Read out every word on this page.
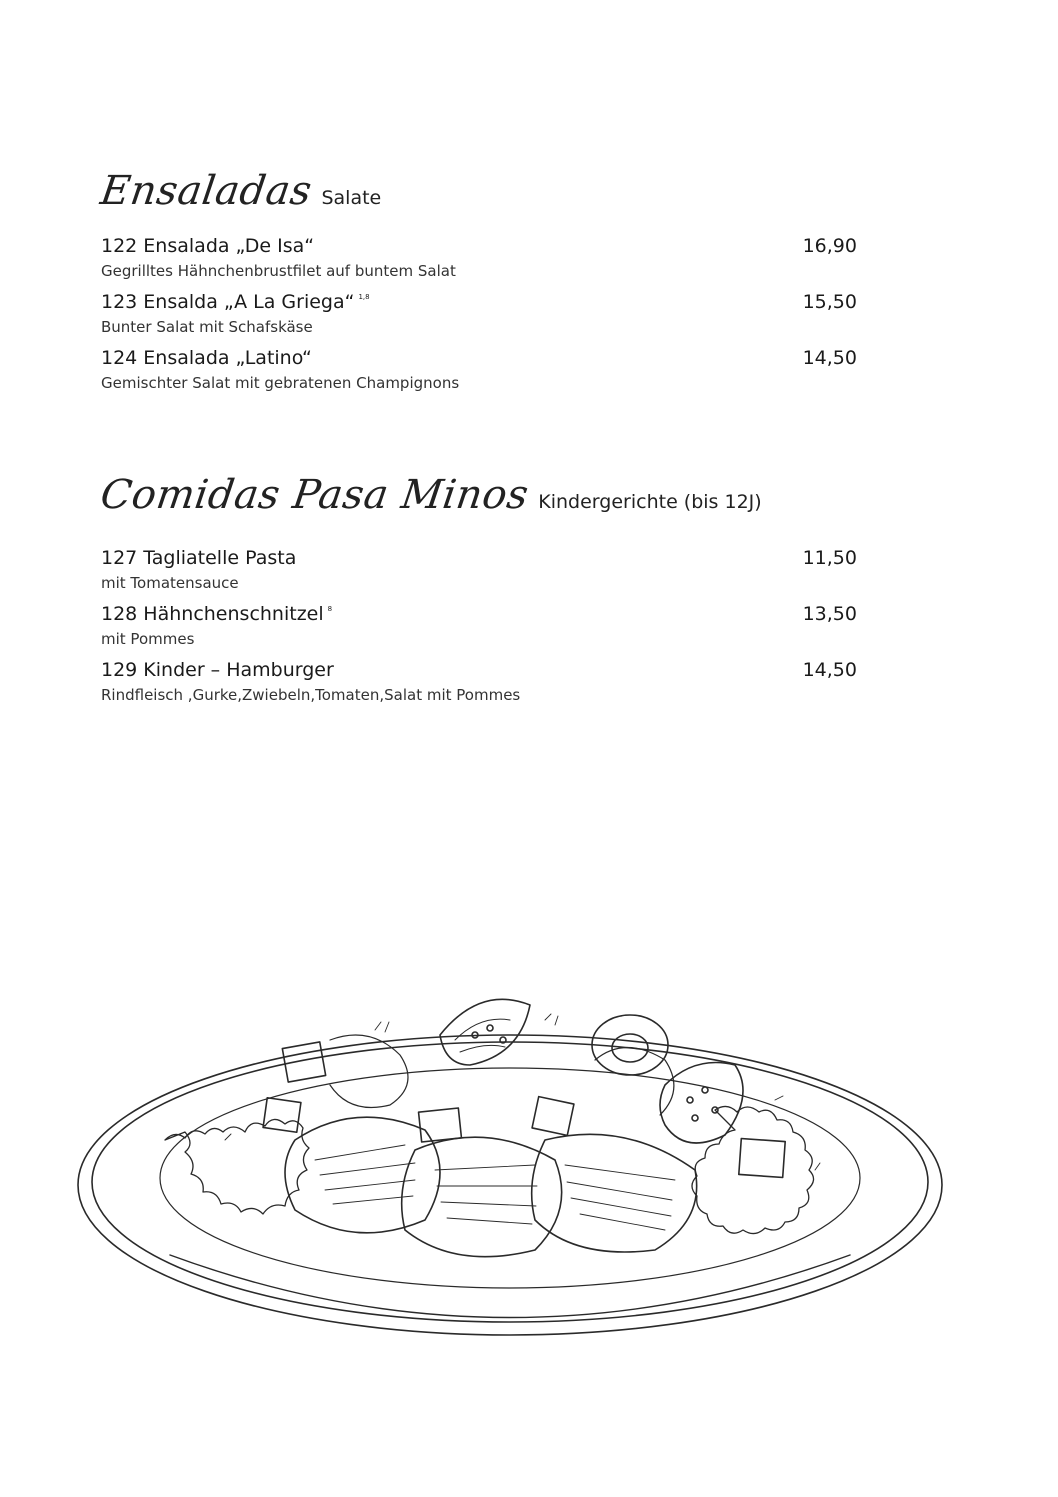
Ensaladas Salate
122 Ensalada „De Isa“	16,90
Gegrilltes Hähnchenbrustfilet auf buntem Salat
123 Ensalda „A La Griega“ $^{1,8}$	15,50
Bunter Salat mit Schafskäse
124 Ensalada „Latino“	14,50
Gemischter Salat mit gebratenen Champignons
Comidas Pasa Minos Kindergerichte (bis 12J)
127 Tagliatelle Pasta	11,50
mit Tomatensauce
128 Hähnchenschnitzel $^8$	13,50
mit Pommes
129 Kinder – Hamburger	14,50
Rindfleisch ,Gurke,Zwiebeln,Tomaten,Salat mit Pommes
